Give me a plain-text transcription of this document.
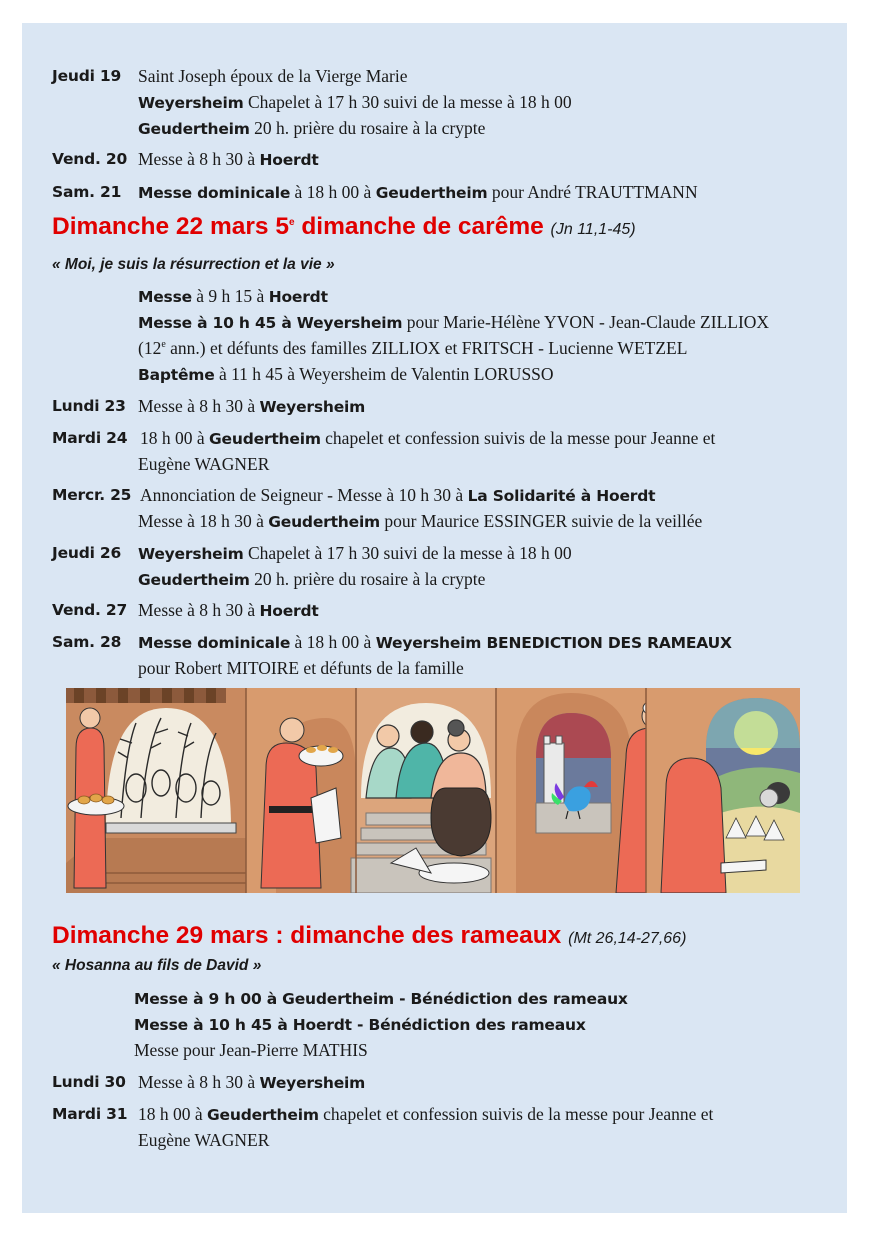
Jeudi 19 Saint Joseph époux de la Vierge Marie
Weyersheim Chapelet à 17 h 30 suivi de la messe à 18 h 00
Geudertheim 20 h. prière du rosaire à la crypte
Vend. 20 Messe à 8 h 30 à Hoerdt
Sam. 21 Messe dominicale à 18 h 00 à Geudertheim pour André TRAUTTMANN
Dimanche 22 mars 5e dimanche de carême (Jn 11,1-45)
« Moi, je suis la résurrection et la vie »
Messe à 9 h 15 à Hoerdt
Messe à 10 h 45 à Weyersheim pour Marie-Hélène YVON - Jean-Claude ZILLIOX
(12e ann.) et défunts des familles ZILLIOX et FRITSCH - Lucienne WETZEL
Baptême à 11 h 45 à Weyersheim de Valentin LORUSSO
Lundi 23 Messe à 8 h 30 à Weyersheim
Mardi 24 18 h 00 à Geudertheim chapelet et confession suivis de la messe pour Jeanne et
Eugène WAGNER
Mercr. 25 Annonciation de Seigneur - Messe à 10 h 30 à La Solidarité à Hoerdt
Messe à 18 h 30 à Geudertheim pour Maurice ESSINGER suivie de la veillée
Jeudi 26 Weyersheim Chapelet à 17 h 30 suivi de la messe à 18 h 00
Geudertheim 20 h. prière du rosaire à la crypte
Vend. 27 Messe à 8 h 30 à Hoerdt
Sam. 28 Messe dominicale à 18 h 00 à Weyersheim BENEDICTION DES RAMEAUX
pour Robert MITOIRE et défunts de la famille
Dimanche 29 mars : dimanche des rameaux (Mt 26,14-27,66)
« Hosanna au fils de David »
Messe à 9 h 00 à Geudertheim - Bénédiction des rameaux
Messe à 10 h 45 à Hoerdt - Bénédiction des rameaux
Messe pour Jean-Pierre MATHIS
Lundi 30 Messe à 8 h 30 à Weyersheim
Mardi 31 18 h 00 à Geudertheim chapelet et confession suivis de la messe pour Jeanne et
Eugène WAGNER
